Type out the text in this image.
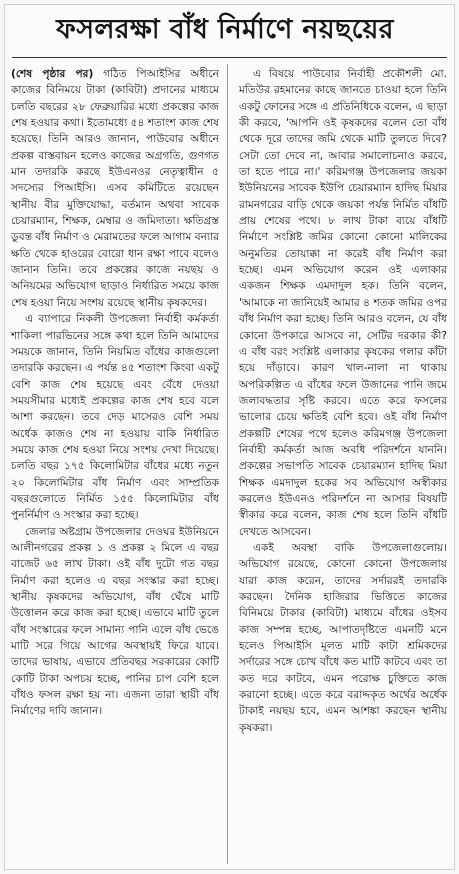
ফসলরক্ষা বাঁধ নির্মাণে নয়ছয়ের

(শেষ পৃষ্ঠার পর) গঠিত পিআইসির অধীনে কাজের বিনিময়ে টাকা (কাবিটা) প্রদানের মাধ্যমে চলতি বছরের ২৮ ফেব্রুয়ারির মধ্যে প্রকল্পের কাজ শেষ হওয়ার কথা। ইতোমধ্যে ৫৪ শতাংশ কাজ শেষ হয়েছে। তিনি আরও জানান, পাউবোর অধীনে প্রকল্প বাস্তবায়ন হলেও কাজের অগ্রগতি, গুণগত মান তদারকি করছে ইউএনওর নেতৃত্বাধীন ৫ সদস্যের পিআইসি। এসব কমিটিতে রয়েছেন স্থানীয় বীর মুক্তিযোদ্ধা, বর্তমান অথবা সাবেক চেয়ারম্যান, শিক্ষক, মেম্বার ও জমিদাতা। ক্ষতিগ্রস্ত ডুবন্ত বাঁধ নির্মাণ ও মেরামতের ফলে আগাম বন্যার ক্ষতি থেকে হাওরের বোরো ধান রক্ষা পাবে বলেও জানান তিনি। তবে প্রকল্পের কাজে নয়ছয় ও অনিয়মের অভিযোগ ছাড়াও নির্ধারিত সময়ে কাজ শেষ হওয়া নিয়ে সংশয় রয়েছে স্থানীয় কৃষকদের।

এ ব্যাপারে নিকলী উপজেলা নির্বাহী কর্মকর্তা শাকিলা পারভিনের সঙ্গে কথা হলে তিনি আমাদের সময়কে জানান, তিনি নিয়মিত বাঁধের কাজগুলো তদারকি করছেন। এ পর্যন্ত ৪৫ শতাংশ কিংবা একটু বেশি কাজ শেষ হয়েছে এবং বেঁধে দেওয়া সময়সীমার মধ্যেই প্রকল্পের কাজ শেষ হবে বলে আশা করছেন। তবে দেড় মাসেরও বেশি সময় অর্ধেক কাজও শেষ না হওয়ায় বাকি নির্ধারিত সময়ে কাজ শেষ হওয়া নিয়ে সংশয় দেখা দিয়েছে। চলতি বছর ১৭৫ কিলোমিটার বাঁধের মধ্যে নতুন ২০ কিলোমিটার বাঁধ নির্মাণ এবং সাম্প্রতিক বছরগুলোতে নির্মিত ১৫৫ কিলোমিটার বাঁধ পুনর্নির্মাণ ও সংস্কার করা হচ্ছে।

জেলার অষ্টগ্রাম উপজেলার দেওঘর ইউনিয়নে আলীনগরের প্রকল্প ১ ও প্রকল্প ২ মিলে এ বছর বাজেট ৬৫ লাখ টাকা। ওই বাঁধ দুটো গত বছর নির্মাণ করা হলেও এ বছর সংস্কার করা হচ্ছে। স্থানীয় কৃষকদের অভিযোগ, বাঁধ ঘেঁষে মাটি উত্তোলন করে কাজ করা হচ্ছে। এভাবে মাটি তুলে বাঁধ সংস্কারের ফলে সামান্য পানি এলে বাঁধ ভেঙে মাটি সরে গিয়ে আগের অবস্থায়ই ফিরে যাবে। তাদের ভাষায়, এভাবে প্রতিবছর সরকারের কোটি কোটি টাকা অপচয় হচ্ছে, পানির চাপ বেশি হলে বাঁধও ফসল রক্ষা হয় না। এজন্য তারা স্থায়ী বাঁধ নির্মাণের দাবি জানান।

এ বিষয়ে পাউবোর নির্বাহী প্রকৌশলী মো. মতিউর রহমানের কাছে জানতে চাওয়া হলে তিনি একটু ফোনের সঙ্গে এ প্রতিনিধিকে বলেন, এ ছাড়া কী করবে, 'আপনি ওই কৃষকদের বলেন তো বাঁধ থেকে দূরে তাদের জমি থেকে মাটি তুলতে দিবে? সেটা তো দেবে না, আবার সমালোচনাও করবে, তা হতে পারে না।' করিমগঞ্জ উপজেলার জয়কা ইউনিয়নের সাবেক ইউপি চেয়ারম্যান হাদিছ মিয়ার রামনগরের বাড়ি থেকে জয়কা পর্যন্ত নির্মিত বাঁধটি প্রায় শেষের পথে। ৮ লাখ টাকা ব্যয়ে বাঁধটি নির্মাণে সংশ্লিষ্ট জমির কোনো কোনো মালিকের অনুমতির তোয়াক্কা না করেই বাঁধ নির্মাণ করা হচ্ছে। এমন অভিযোগ করেন ওই এলাকার একজন শিক্ষক এমদাদুল হক। তিনি বলেন, 'আমাকে না জানিয়েই আমার ৪ শতক জমির ওপর বাঁধ নির্মাণ করা হচ্ছে। তিনি আরও বলেন, যে বাঁধ কোনো উপকারে আসবে না, সেটির দরকার কী? এ বাঁধ বরং সংশ্লিষ্ট এলাকার কৃষকের গলার কাঁটা হয়ে দাঁড়াবে। কারণ খাল-নালা না থাকায় অপরিকল্পিত এ বাঁধের ফলে উজানের পানি জমে জলাবদ্ধতার সৃষ্টি করবে। এতে করে ফসলের ভালোর চেয়ে ক্ষতিই বেশি হবে। ওই বাঁধ নির্মাণ প্রকল্পটি শেষের পথে হলেও করিমগঞ্জ উপজেলা নির্বাহী কর্মকর্তা আজ অবধি পরিদর্শনে যাননি। প্রকল্পের সভাপতি সাবেক চেয়ারম্যান হাদিছ মিয়া শিক্ষক এমদাদুল হকের সব অভিযোগ অস্বীকার করলেও ইউএনও পরিদর্শনে না আসার বিষয়টি স্বীকার করে বলেন, কাজ শেষ হলে তিনি বাঁধটি দেখতে আসবেন।

একই অবস্থা বাকি উপজেলাগুলোয়। অভিযোগ রয়েছে, কোনো কোনো উপজেলায় যারা কাজ করেন, তাদের সর্দাররই তদারকি করছেন। দৈনিক হাজিরার ভিত্তিতে কাজের বিনিময়ে টাকার (কাবিটা) মাধ্যমে বাঁধের ওইসব কাজ সম্পন্ন হচ্ছে, আপাতদৃষ্টিতে এমনটি মনে হলেও পিআইসি মূলত মাটি কাটা শ্রমিকদের সর্দারের সঙ্গে চোখ বাঁধে কত মাটি কাটবে এবং তা কত দরে কাটবে, এমন পরোক্ষ চুক্তিতে কাজ করানো হচ্ছে। এতে করে বরাদ্দকৃত অর্থের অর্ধেক টাকাই নয়ছয় হবে, এমন আশঙ্কা করছেন স্থানীয় কৃষকরা।
